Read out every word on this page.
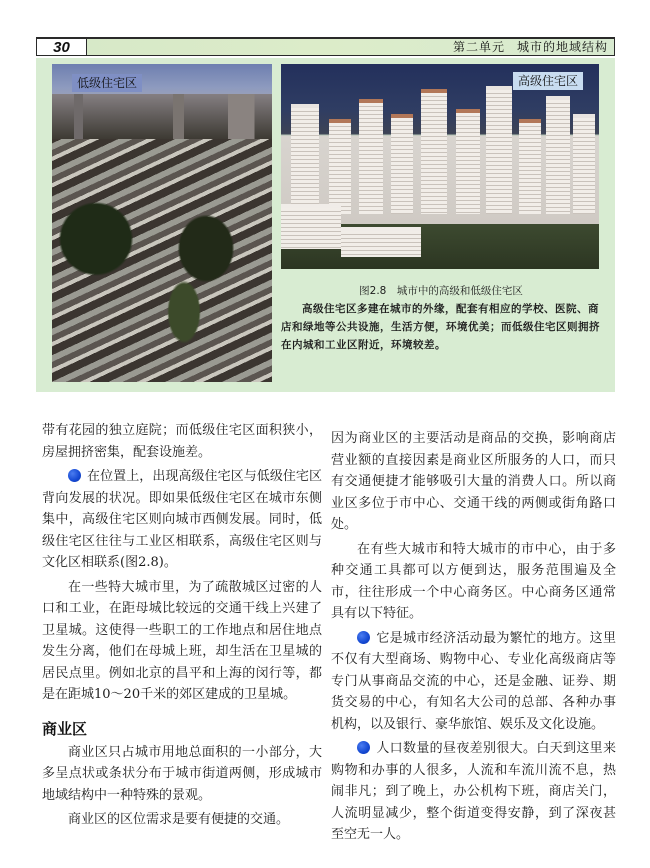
30	第二单元 城市的地域结构
低级住宅区	高级住宅区
图2.8　城市中的高级和低级住宅区
高级住宅区多建在城市的外缘，配套有相应的学校、医院、商店和绿地等公共设施，生活方便，环境优美；而低级住宅区则拥挤在内城和工业区附近，环境较差。

带有花园的独立庭院；而低级住宅区面积狭小，房屋拥挤密集，配套设施差。

在位置上，出现高级住宅区与低级住宅区背向发展的状况。即如果低级住宅区在城市东侧集中，高级住宅区则向城市西侧发展。同时，低级住宅区往往与工业区相联系，高级住宅区则与文化区相联系(图2.8)。

在一些特大城市里，为了疏散城区过密的人口和工业，在距母城比较远的交通干线上兴建了卫星城。这使得一些职工的工作地点和居住地点发生分离，他们在母城上班，却生活在卫星城的居民点里。例如北京的昌平和上海的闵行等，都是在距城10～20千米的郊区建成的卫星城。

商业区

商业区只占城市用地总面积的一小部分，大多呈点状或条状分布于城市街道两侧，形成城市地域结构中一种特殊的景观。

商业区的区位需求是要有便捷的交通。

因为商业区的主要活动是商品的交换，影响商店营业额的直接因素是商业区所服务的人口，而只有交通便捷才能够吸引大量的消费人口。所以商业区多位于市中心、交通干线的两侧或街角路口处。

在有些大城市和特大城市的市中心，由于多种交通工具都可以方便到达，服务范围遍及全市，往往形成一个中心商务区。中心商务区通常具有以下特征。

它是城市经济活动最为繁忙的地方。这里不仅有大型商场、购物中心、专业化高级商店等专门从事商品交流的中心，还是金融、证券、期货交易的中心，有知名大公司的总部、各种办事机构，以及银行、豪华旅馆、娱乐及文化设施。

人口数量的昼夜差别很大。白天到这里来购物和办事的人很多，人流和车流川流不息，热闹非凡；到了晚上，办公机构下班，商店关门，人流明显减少，整个街道变得安静，到了深夜甚至空无一人。
